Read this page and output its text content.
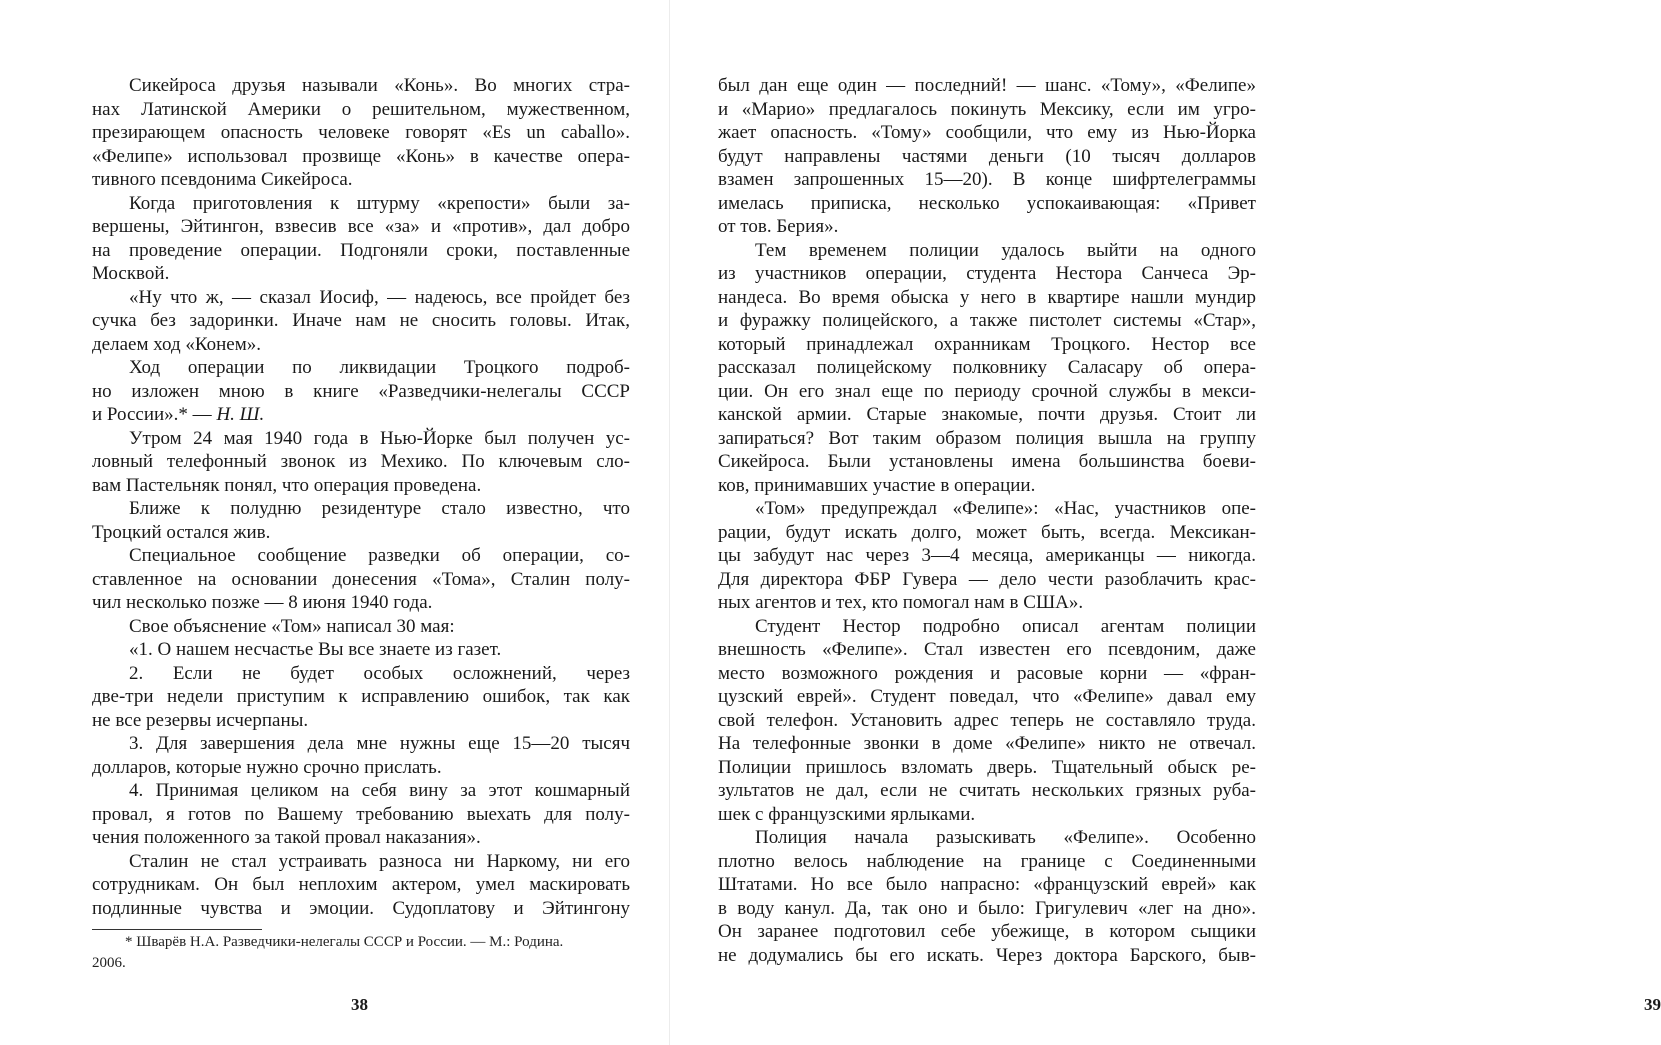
Сикейроса друзья называли «Конь». Во многих стра-
нах Латинской Америки о решительном, мужественном,
презирающем опасность человеке говорят «Es un caballo».
«Фелипе» использовал прозвище «Конь» в качестве опера-
тивного псевдонима Сикейроса.
Когда приготовления к штурму «крепости» были за-
вершены, Эйтингон, взвесив все «за» и «против», дал добро
на проведение операции. Подгоняли сроки, поставленные
Москвой.
«Ну что ж, — сказал Иосиф, — надеюсь, все пройдет без
сучка без задоринки. Иначе нам не сносить головы. Итак,
делаем ход «Конем».
Ход операции по ликвидации Троцкого подроб-
но изложен мною в книге «Разведчики-нелегалы СССР
и России».* — Н. Ш.
Утром 24 мая 1940 года в Нью-Йорке был получен ус-
ловный телефонный звонок из Мехико. По ключевым сло-
вам Пастельняк понял, что операция проведена.
Ближе к полудню резидентуре стало известно, что
Троцкий остался жив.
Специальное сообщение разведки об операции, со-
ставленное на основании донесения «Тома», Сталин полу-
чил несколько позже — 8 июня 1940 года.
Свое объяснение «Том» написал 30 мая:
«1. О нашем несчастье Вы все знаете из газет.
2. Если не будет особых осложнений, через
две-три недели приступим к исправлению ошибок, так как
не все резервы исчерпаны.
3. Для завершения дела мне нужны еще 15—20 тысяч
долларов, которые нужно срочно прислать.
4. Принимая целиком на себя вину за этот кошмарный
провал, я готов по Вашему требованию выехать для полу-
чения положенного за такой провал наказания».
Сталин не стал устраивать разноса ни Наркому, ни его
сотрудникам. Он был неплохим актером, умел маскировать
подлинные чувства и эмоции. Судоплатову и Эйтингону
* Шварёв Н.А. Разведчики-нелегалы СССР и России. — М.: Родина.
2006.
38	39
был дан еще один — последний! — шанс. «Тому», «Фелипе»
и «Марио» предлагалось покинуть Мексику, если им угро-
жает опасность. «Тому» сообщили, что ему из Нью-Йорка
будут направлены частями деньги (10 тысяч долларов
взамен запрошенных 15—20). В конце шифртелеграммы
имелась приписка, несколько успокаивающая: «Привет
от тов. Берия».
Тем временем полиции удалось выйти на одного
из участников операции, студента Нестора Санчеса Эр-
нандеса. Во время обыска у него в квартире нашли мундир
и фуражку полицейского, а также пистолет системы «Стар»,
который принадлежал охранникам Троцкого. Нестор все
рассказал полицейскому полковнику Саласару об опера-
ции. Он его знал еще по периоду срочной службы в мекси-
канской армии. Старые знакомые, почти друзья. Стоит ли
запираться? Вот таким образом полиция вышла на группу
Сикейроса. Были установлены имена большинства боеви-
ков, принимавших участие в операции.
«Том» предупреждал «Фелипе»: «Нас, участников опе-
рации, будут искать долго, может быть, всегда. Мексикан-
цы забудут нас через 3—4 месяца, американцы — никогда.
Для директора ФБР Гувера — дело чести разоблачить крас-
ных агентов и тех, кто помогал нам в США».
Студент Нестор подробно описал агентам полиции
внешность «Фелипе». Стал известен его псевдоним, даже
место возможного рождения и расовые корни — «фран-
цузский еврей». Студент поведал, что «Фелипе» давал ему
свой телефон. Установить адрес теперь не составляло труда.
На телефонные звонки в доме «Фелипе» никто не отвечал.
Полиции пришлось взломать дверь. Тщательный обыск ре-
зультатов не дал, если не считать нескольких грязных руба-
шек с французскими ярлыками.
Полиция начала разыскивать «Фелипе». Особенно
плотно велось наблюдение на границе с Соединенными
Штатами. Но все было напрасно: «французский еврей» как
в воду канул. Да, так оно и было: Григулевич «лег на дно».
Он заранее подготовил себе убежище, в котором сыщики
не додумались бы его искать. Через доктора Барского, быв-
